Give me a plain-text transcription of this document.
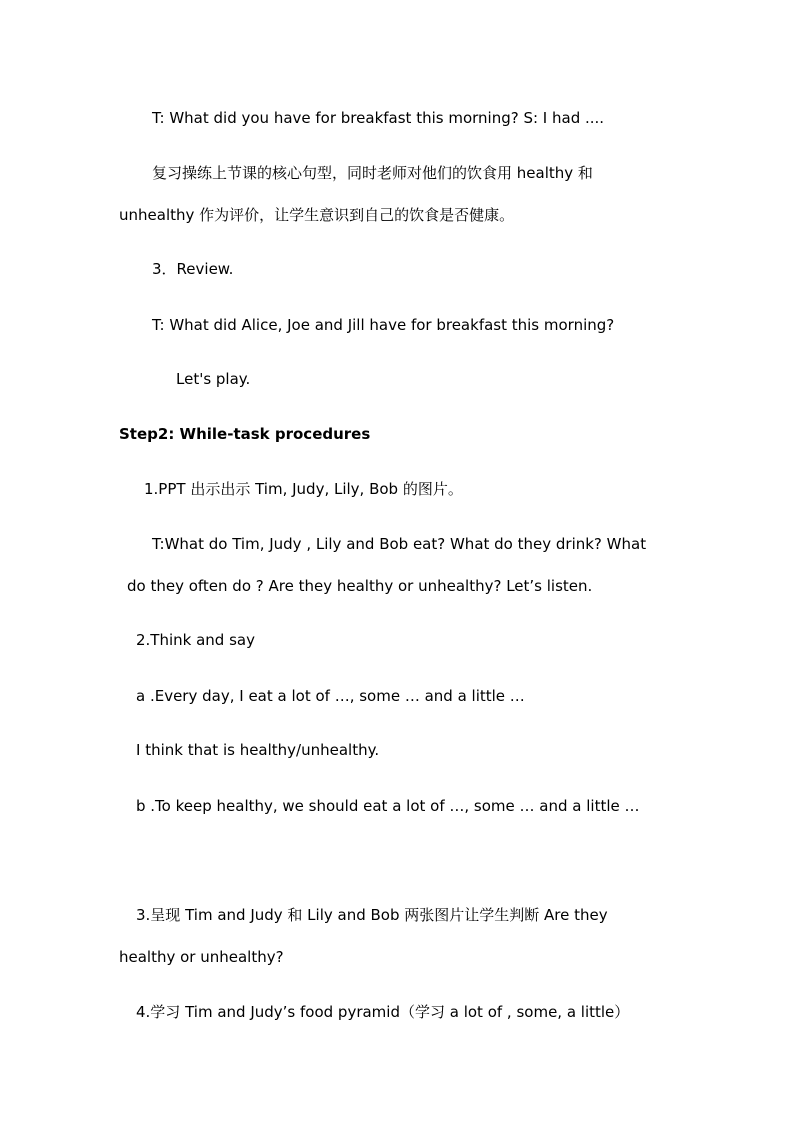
T: What did you have for breakfast this morning? S: I had ....
复习操练上节课的核心句型，同时老师对他们的饮食用 healthy 和
unhealthy 作为评价，让学生意识到自己的饮食是否健康。
3．Review.
T: What did Alice, Joe and Jill have for breakfast this morning?
Let's play.
Step2: While-task procedures
1.PPT 出示出示 Tim, Judy, Lily, Bob 的图片。
T:What do Tim, Judy , Lily and Bob eat? What do they drink? What
do they often do ? Are they healthy or unhealthy? Let’s listen.
2.Think and say
a .Every day, I eat a lot of …, some … and a little …
I think that is healthy/unhealthy.
b .To keep healthy, we should eat a lot of …, some … and a little …
3.呈现 Tim and Judy 和 Lily and Bob 两张图片让学生判断 Are they
healthy or unhealthy?
4.学习 Tim and Judy’s food pyramid（学习 a lot of , some, a little）
